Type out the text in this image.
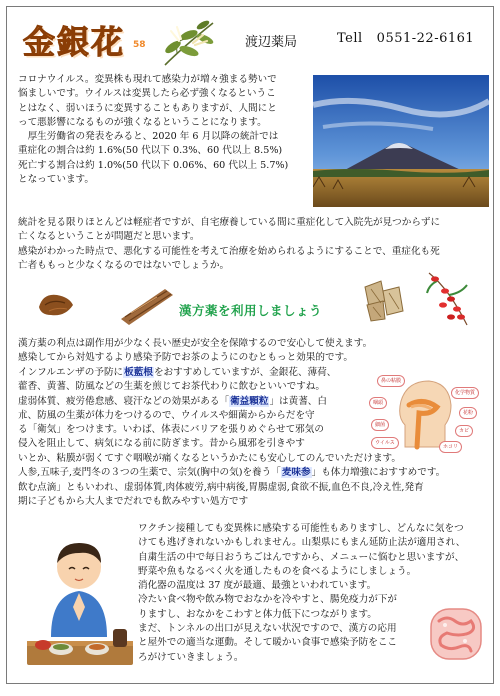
金銀花 58	渡辺薬局	Tell 0551-22-6161
コロナウイルス。変異株も現れて感染力が増々強まる勢いで
悩ましいです。ウイルスは変異したら必ず強くなるというこ
とはなく、弱いほうに変異することもありますが、人間にと
って悪影響になるものが強くなるということになります。
　厚生労働省の発表をみると、2020 年 6 月以降の統計では
重症化の割合は約 1.6%(50 代以下 0.3%、60 代以上 8.5%)
死亡する割合は約 1.0%(50 代以下 0.06%、60 代以上 5.7%)
となっています。
統計を見る限りほとんどは軽症者ですが、自宅療養している間に重症化して入院先が見つからずに
亡くなるということが問題だと思います。
感染がわかった時点で、悪化する可能性を考えて治療を始められるようにすることで、重症化も死
亡者ももっと少なくなるのではないでしょうか。
漢方薬を利用しましょう
漢方薬の利点は副作用が少なく長い歴史が安全を保障するので安心して使えます。
感染してから対処するより感染予防でお茶のようにのむともっと効果的です。
インフルエンザの予防に板藍根をおすすめしていますが、金銀花、薄荷、
藿香、黄蓍、防風などの生薬を煎じてお茶代わりに飲むといいですね。
虚弱体質、疲労倦怠感、寝汗などの効果がある「衛益顆粒」は黄蓍、白
朮、防風の生薬が体力をつけるので、ウイルスや細菌からからだを守
る「衛気」をつけます。いわば、体表にバリアを張りめぐらせて邪気の
侵入を阻止して、病気になる前に防ぎます。昔から風邪を引きやす
鼻の粘膜
咽頭
化学物質
花粉
ウイルス
細菌
カビ
ホコリ
いとか、粘膜が弱くてすぐ咽喉が痛くなるというかたにも安心してのんでいただけます。
人参,五味子,麦門冬の３つの生薬で、宗気(胸中の気)を養う「麦味参」も体力増強におすすめです。
飲む点滴」ともいわれ、虚弱体質,肉体疲労,病中病後,胃腸虚弱,食欲不振,血色不良,冷え性,発育
期に子どもから大人までだれでも飲みやすい処方です
ワクチン接種しても変異株に感染する可能性もありますし、どんなに気をつ
けても逃げきれないかもしれません。山梨県にもまん延防止法が適用され、
自粛生活の中で毎日おうちごはんですから、メニューに悩むと思いますが、
野菜や魚もなるべく火を通したものを食べるようにしましょう。
消化器の温度は 37 度が最適、最強といわれています。
冷たい食べ物や飲み物でおなかを冷やすと、腸免疫力が下が
りますし、おなかをこわすと体力低下につながります。
まだ、トンネルの出口が見えない状況ですので、漢方の応用
と屋外での適当な運動。そして暖かい食事で感染予防をここ
ろがけていきましょう。
